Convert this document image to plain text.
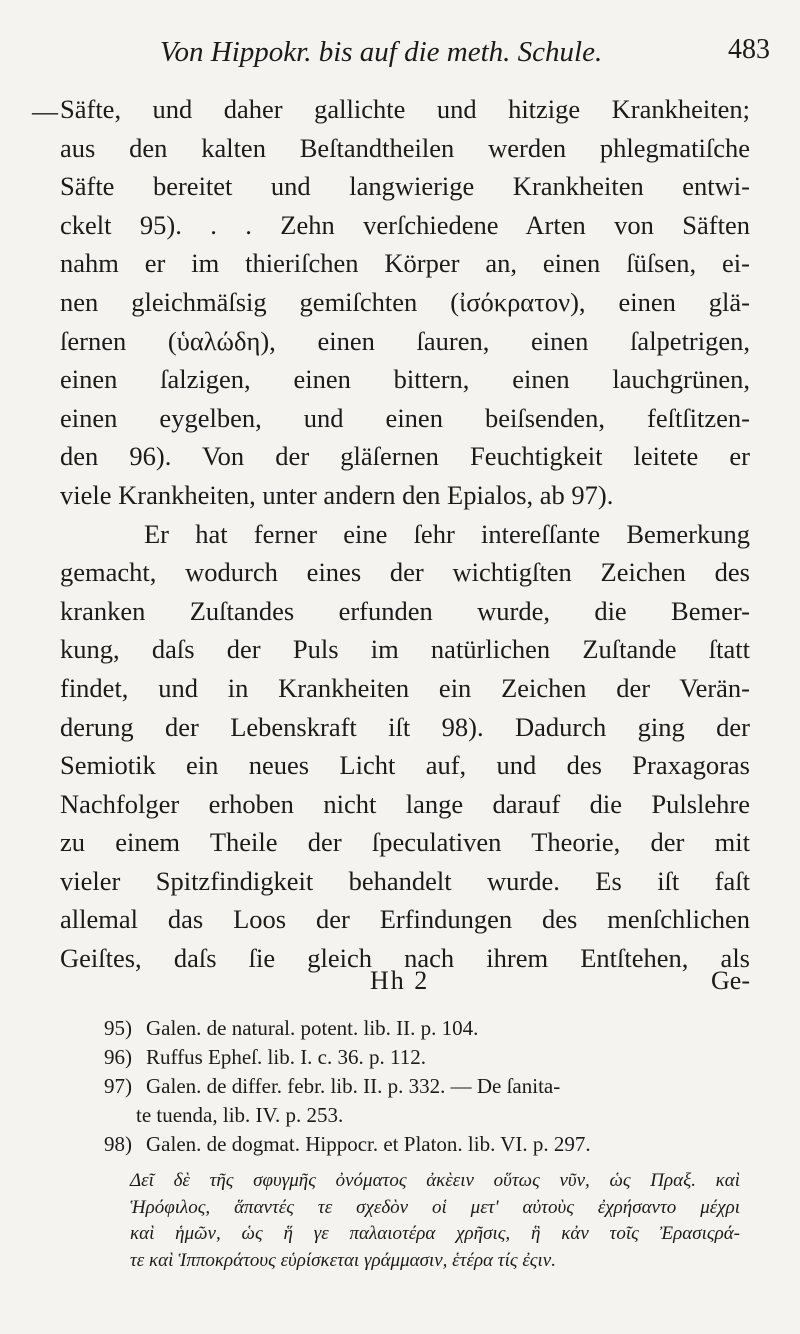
Von Hippokr. bis auf die meth. Schule.	483
— Säfte, und daher gallichte und hitzige Krankheiten;
aus den kalten Beſtandtheilen werden phlegmatiſche
Säfte bereitet und langwierige Krankheiten entwi-
ckelt 95). . . Zehn verſchiedene Arten von Säften
nahm er im thieriſchen Körper an, einen ſüſsen, ei-
nen gleichmäſsig gemiſchten (ἰσόκρατον), einen glä-
ſernen (ὑαλώδη), einen ſauren, einen ſalpetrigen,
einen ſalzigen, einen bittern, einen lauchgrünen,
einen eygelben, und einen beiſsenden, feſtſitzen-
den 96). Von der gläſernen Feuchtigkeit leitete er
viele Krankheiten, unter andern den Epialos, ab 97).
Er hat ferner eine ſehr intereſſante Bemerkung
gemacht, wodurch eines der wichtigſten Zeichen des
kranken Zuſtandes erfunden wurde, die Bemer-
kung, daſs der Puls im natürlichen Zuſtande ſtatt
findet, und in Krankheiten ein Zeichen der Verän-
derung der Lebenskraft iſt 98). Dadurch ging der
Semiotik ein neues Licht auf, und des Praxagoras
Nachfolger erhoben nicht lange darauf die Pulslehre
zu einem Theile der ſpeculativen Theorie, der mit
vieler Spitzfindigkeit behandelt wurde. Es iſt faſt
allemal das Loos der Erfindungen des menſchlichen
Geiſtes, daſs ſie gleich nach ihrem Entſtehen, als
Hh 2	Ge-
95) Galen. de natural. potent. lib. II. p. 104.
96) Ruffus Epheſ. lib. I. c. 36. p. 112.
97) Galen. de differ. febr. lib. II. p. 332. — De ſanita-
te tuenda, lib. IV. p. 253.
98) Galen. de dogmat. Hippocr. et Platon. lib. VI. p. 297.
Δεῖ δὲ τῆς σφυγμῆς ὀνόματος ἀκὲειν οὕτως νῦν, ὡς Πραξ. καὶ
Ἡρόφιλος, ἅπαντές τε σχεδὸν οἱ μετ' αὐτοὺς ἐχρήσαντο μέχρι
καὶ ἡμῶν, ὡς ἥ γε παλαιοτέρα χρῆσις, ἣ κἀν τοῖς Ἐρασιςρά-
τε καὶ Ἱπποκράτους εὑρίσκεται γράμμασιν, ἑτέρα τίς ἐςιν.
